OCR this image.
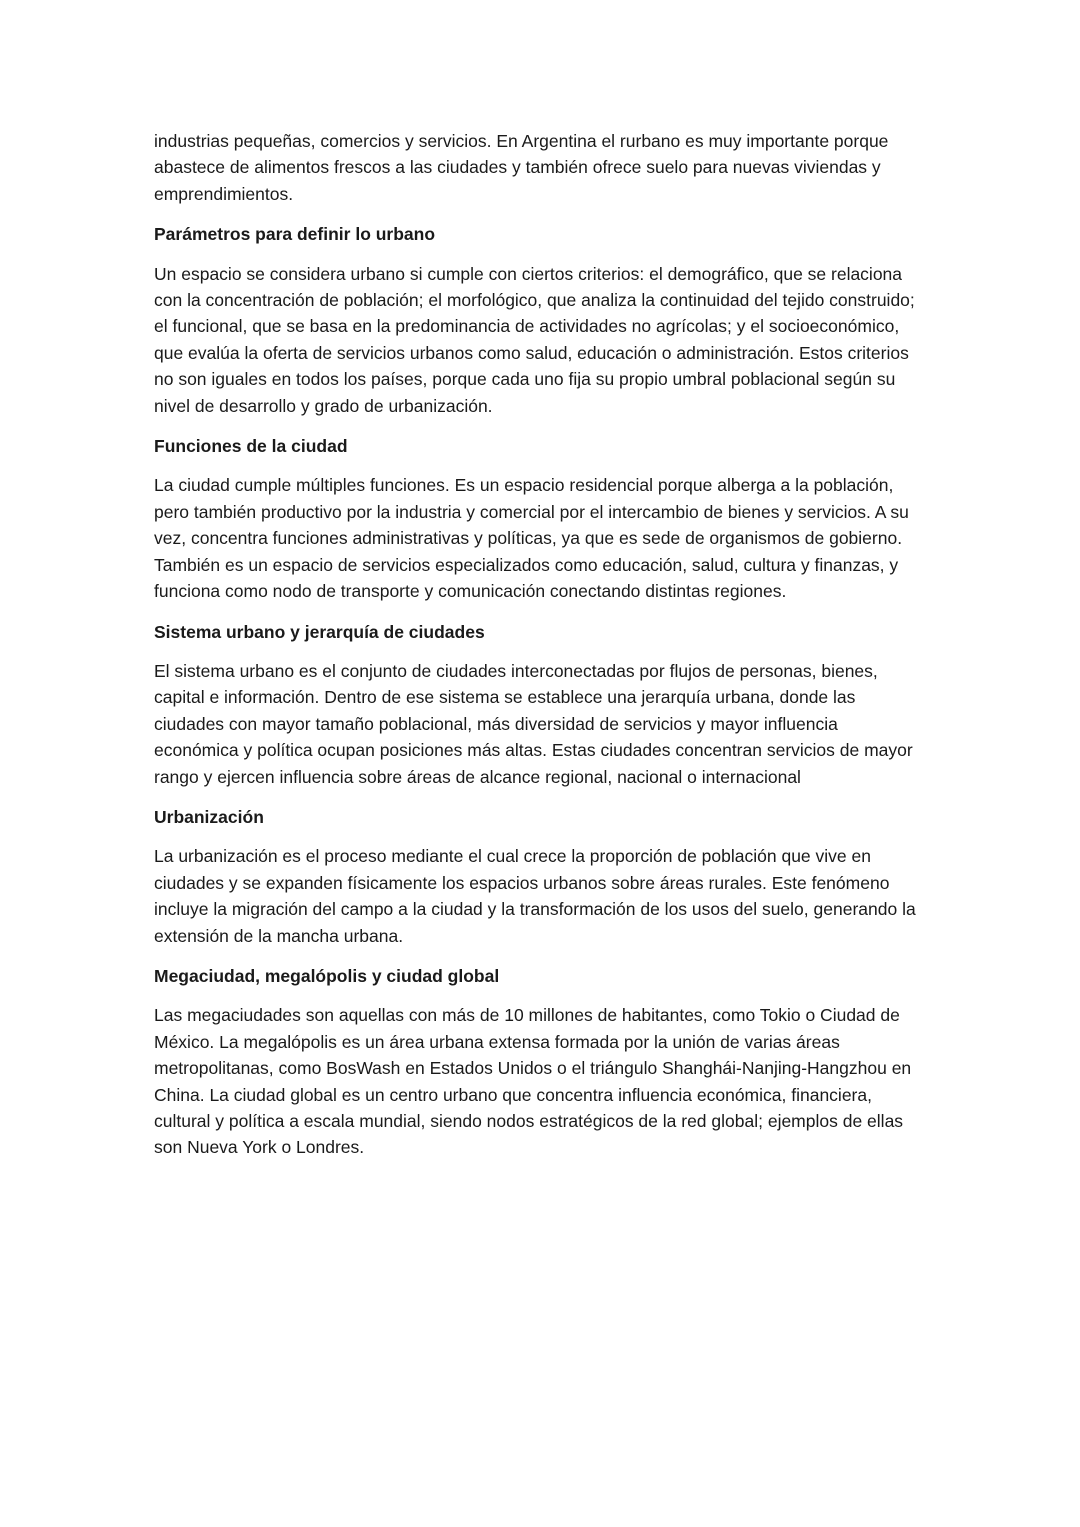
industrias pequeñas, comercios y servicios. En Argentina el rurbano es muy importante porque abastece de alimentos frescos a las ciudades y también ofrece suelo para nuevas viviendas y emprendimientos.

Parámetros para definir lo urbano

Un espacio se considera urbano si cumple con ciertos criterios: el demográfico, que se relaciona con la concentración de población; el morfológico, que analiza la continuidad del tejido construido; el funcional, que se basa en la predominancia de actividades no agrícolas; y el socioeconómico, que evalúa la oferta de servicios urbanos como salud, educación o administración. Estos criterios no son iguales en todos los países, porque cada uno fija su propio umbral poblacional según su nivel de desarrollo y grado de urbanización.

Funciones de la ciudad

La ciudad cumple múltiples funciones. Es un espacio residencial porque alberga a la población, pero también productivo por la industria y comercial por el intercambio de bienes y servicios. A su vez, concentra funciones administrativas y políticas, ya que es sede de organismos de gobierno. También es un espacio de servicios especializados como educación, salud, cultura y finanzas, y funciona como nodo de transporte y comunicación conectando distintas regiones.

Sistema urbano y jerarquía de ciudades

El sistema urbano es el conjunto de ciudades interconectadas por flujos de personas, bienes, capital e información. Dentro de ese sistema se establece una jerarquía urbana, donde las ciudades con mayor tamaño poblacional, más diversidad de servicios y mayor influencia económica y política ocupan posiciones más altas. Estas ciudades concentran servicios de mayor rango y ejercen influencia sobre áreas de alcance regional, nacional o internacional

Urbanización

La urbanización es el proceso mediante el cual crece la proporción de población que vive en ciudades y se expanden físicamente los espacios urbanos sobre áreas rurales. Este fenómeno incluye la migración del campo a la ciudad y la transformación de los usos del suelo, generando la extensión de la mancha urbana.

Megaciudad, megalópolis y ciudad global

Las megaciudades son aquellas con más de 10 millones de habitantes, como Tokio o Ciudad de México. La megalópolis es un área urbana extensa formada por la unión de varias áreas metropolitanas, como BosWash en Estados Unidos o el triángulo Shanghái-Nanjing-Hangzhou en China. La ciudad global es un centro urbano que concentra influencia económica, financiera, cultural y política a escala mundial, siendo nodos estratégicos de la red global; ejemplos de ellas son Nueva York o Londres.
